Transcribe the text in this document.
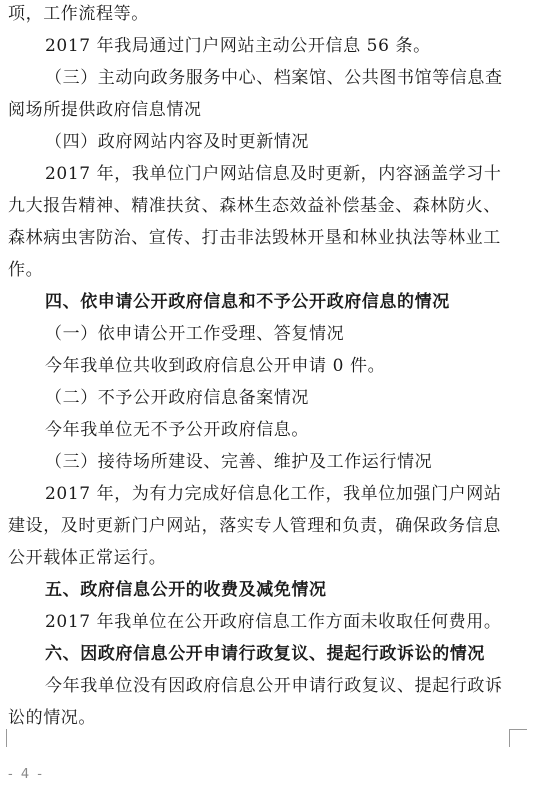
项，工作流程等。
2017 年我局通过门户网站主动公开信息 56 条。
（三）主动向政务服务中心、档案馆、公共图书馆等信息查
阅场所提供政府信息情况
（四）政府网站内容及时更新情况
2017 年，我单位门户网站信息及时更新，内容涵盖学习十
九大报告精神、精准扶贫、森林生态效益补偿基金、森林防火、
森林病虫害防治、宣传、打击非法毁林开垦和林业执法等林业工
作。
四、依申请公开政府信息和不予公开政府信息的情况
（一）依申请公开工作受理、答复情况
今年我单位共收到政府信息公开申请 0 件。
（二）不予公开政府信息备案情况
今年我单位无不予公开政府信息。
（三）接待场所建设、完善、维护及工作运行情况
2017 年，为有力完成好信息化工作，我单位加强门户网站
建设，及时更新门户网站，落实专人管理和负责，确保政务信息
公开载体正常运行。
五、政府信息公开的收费及减免情况
2017 年我单位在公开政府信息工作方面未收取任何费用。
六、因政府信息公开申请行政复议、提起行政诉讼的情况
今年我单位没有因政府信息公开申请行政复议、提起行政诉
讼的情况。
- 4 -
